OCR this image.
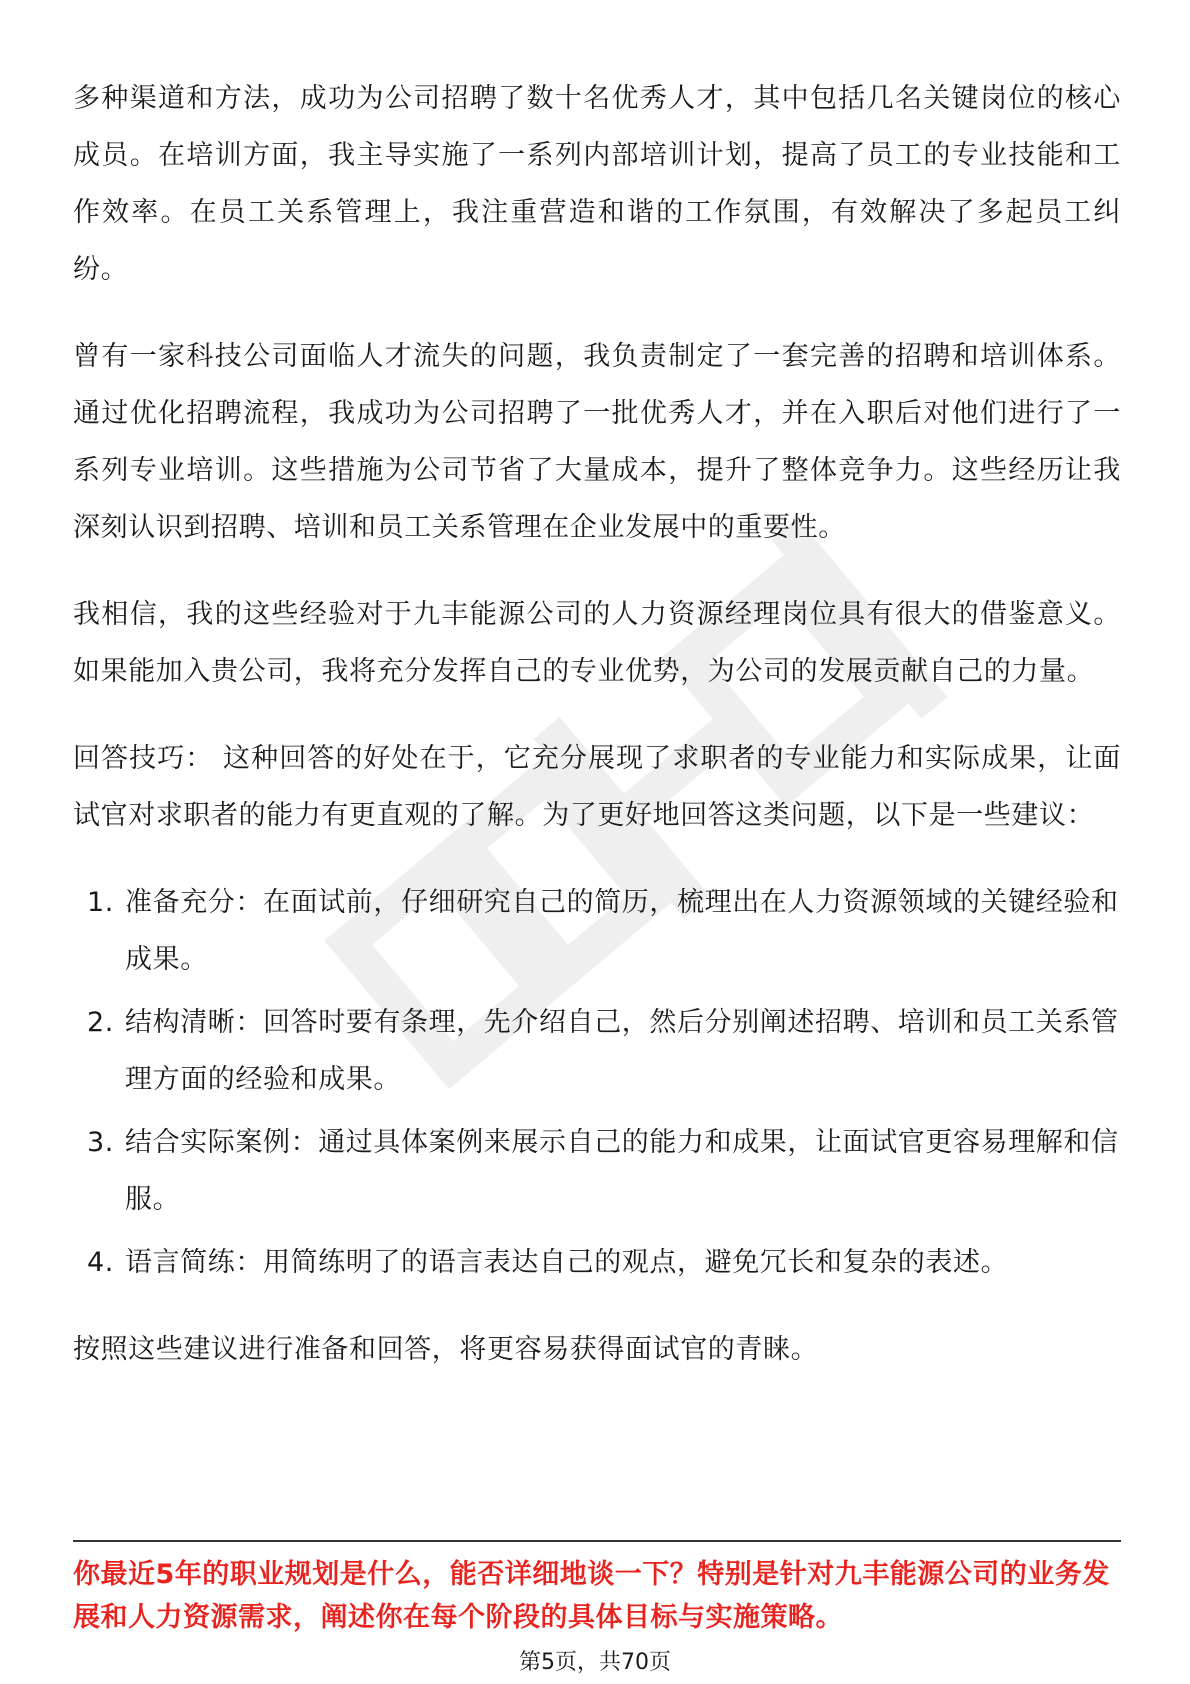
多种渠道和方法，成功为公司招聘了数十名优秀人才，其中包括几名关键岗位的核心成员。在培训方面，我主导实施了一系列内部培训计划，提高了员工的专业技能和工作效率。在员工关系管理上，我注重营造和谐的工作氛围，有效解决了多起员工纠纷。

曾有一家科技公司面临人才流失的问题，我负责制定了一套完善的招聘和培训体系。通过优化招聘流程，我成功为公司招聘了一批优秀人才，并在入职后对他们进行了一系列专业培训。这些措施为公司节省了大量成本，提升了整体竞争力。这些经历让我深刻认识到招聘、培训和员工关系管理在企业发展中的重要性。

我相信，我的这些经验对于九丰能源公司的人力资源经理岗位具有很大的借鉴意义。如果能加入贵公司，我将充分发挥自己的专业优势，为公司的发展贡献自己的力量。

回答技巧： 这种回答的好处在于，它充分展现了求职者的专业能力和实际成果，让面试官对求职者的能力有更直观的了解。为了更好地回答这类问题，以下是一些建议：

1. 准备充分：在面试前，仔细研究自己的简历，梳理出在人力资源领域的关键经验和成果。
2. 结构清晰：回答时要有条理，先介绍自己，然后分别阐述招聘、培训和员工关系管理方面的经验和成果。
3. 结合实际案例：通过具体案例来展示自己的能力和成果，让面试官更容易理解和信服。
4. 语言简练：用简练明了的语言表达自己的观点，避免冗长和复杂的表述。

按照这些建议进行准备和回答，将更容易获得面试官的青睐。

你最近5年的职业规划是什么，能否详细地谈一下？特别是针对九丰能源公司的业务发展和人力资源需求，阐述你在每个阶段的具体目标与实施策略。
第5页，共70页
